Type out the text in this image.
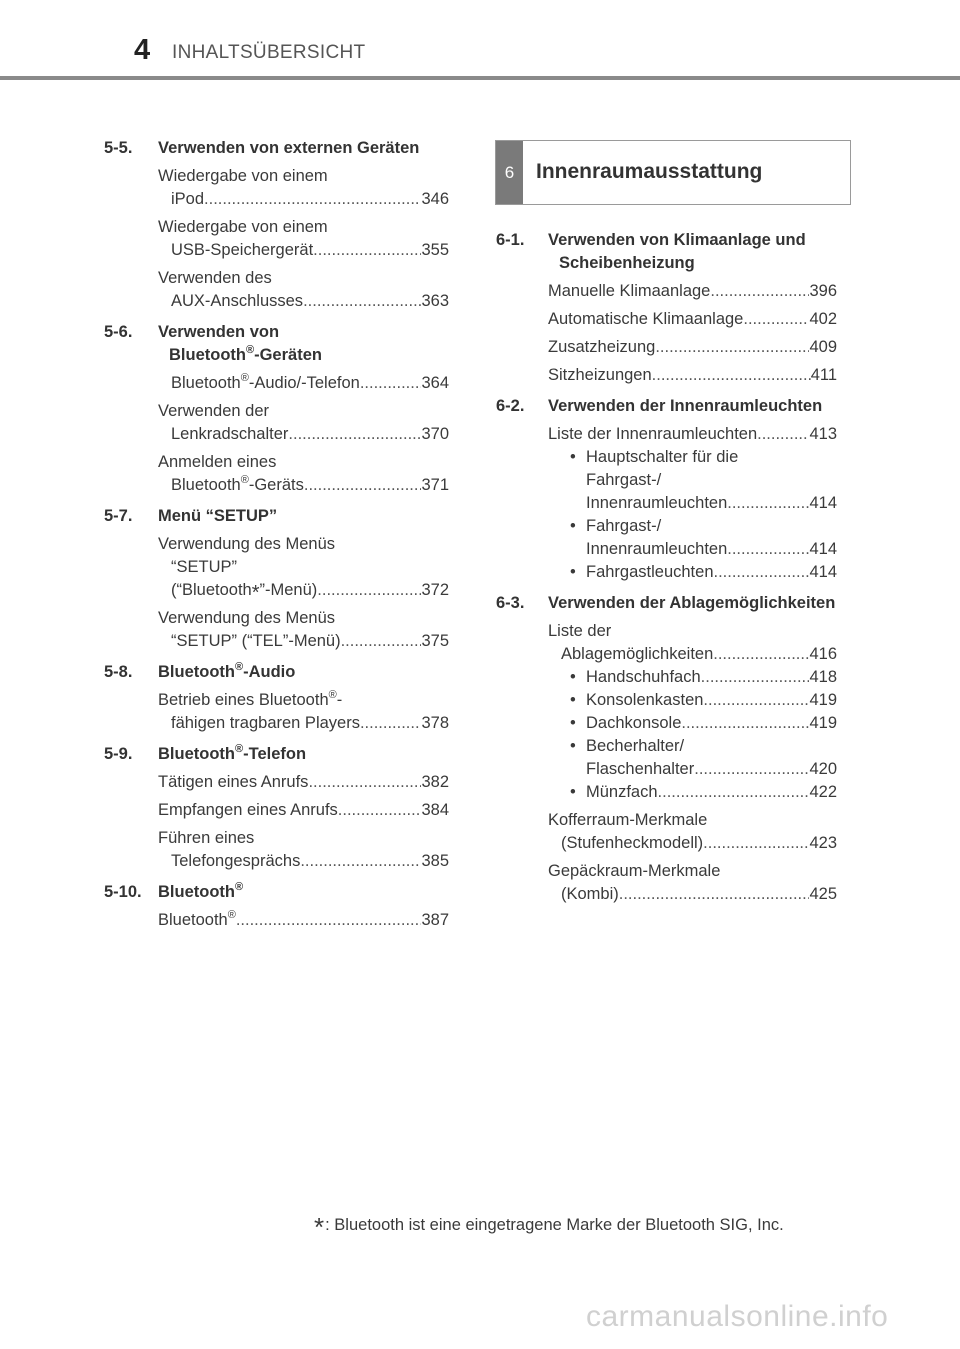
4 INHALTSÜBERSICHT
5-5.	Verwenden von externen Geräten
Wiedergabe von einem
iPod .....	346
Wiedergabe von einem
USB-Speichergerät .....	355
Verwenden des
AUX-Anschlusses .....	363
5-6.	Verwenden von
Bluetooth®-Geräten
Bluetooth®-Audio/-Telefon .....	364
Verwenden der
Lenkradschalter .....	370
Anmelden eines
Bluetooth®-Geräts .....	371
5-7.	Menü “SETUP”
Verwendung des Menüs
“SETUP”
(“Bluetooth*”-Menü) .....	372
Verwendung des Menüs
“SETUP” (“TEL”-Menü) .....	375
5-8.	Bluetooth®-Audio
Betrieb eines Bluetooth®-
fähigen tragbaren Players .....	378
5-9.	Bluetooth®-Telefon
Tätigen eines Anrufs .....	382
Empfangen eines Anrufs .....	384
Führen eines
Telefongesprächs .....	385
5-10. Bluetooth®
Bluetooth® .....	387
6	Innenraumausstattung
6-1.	Verwenden von Klimaanlage und Scheibenheizung
Manuelle Klimaanlage .....	396
Automatische Klimaanlage .....	402
Zusatzheizung .....	409
Sitzheizungen .....	411
6-2.	Verwenden der Innenraumleuchten
Liste der Innenraumleuchten .....	413
• Hauptschalter für die
Fahrgast-/
Innenraumleuchten .....	414
• Fahrgast-/
Innenraumleuchten .....	414
• Fahrgastleuchten .....	414
6-3.	Verwenden der Ablagemöglichkeiten
Liste der
Ablagemöglichkeiten .....	416
• Handschuhfach .....	418
• Konsolenkasten .....	419
• Dachkonsole .....	419
• Becherhalter/
Flaschenhalter .....	420
• Münzfach .....	422
Kofferraum-Merkmale
(Stufenheckmodell) .....	423
Gepäckraum-Merkmale
(Kombi) .....	425
*: Bluetooth ist eine eingetragene Marke der Bluetooth SIG, Inc.
carmanualsonline.info
